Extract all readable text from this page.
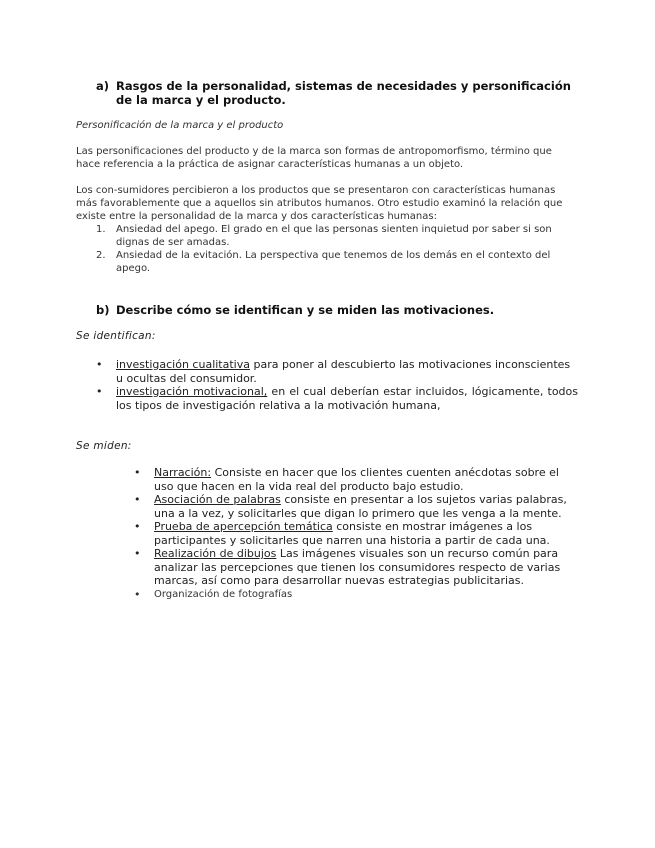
a) Rasgos de la personalidad, sistemas de necesidades y personificación de la marca y el producto.
Personificación de la marca y el producto
Las personificaciones del producto y de la marca son formas de antropomorfismo, término que hace referencia a la práctica de asignar características humanas a un objeto.
Los con-sumidores percibieron a los productos que se presentaron con características humanas más favorablemente que a aquellos sin atributos humanos. Otro estudio examinó la relación que existe entre la personalidad de la marca y dos características humanas:
1. Ansiedad del apego. El grado en el que las personas sienten inquietud por saber si son dignas de ser amadas.
2. Ansiedad de la evitación. La perspectiva que tenemos de los demás en el contexto del apego.
b) Describe cómo se identifican y se miden las motivaciones.
Se identifican:
• investigación cualitativa para poner al descubierto las motivaciones inconscientes u ocultas del consumidor.
• investigación motivacional, en el cual deberían estar incluidos, lógicamente, todos los tipos de investigación relativa a la motivación humana,
Se miden:
• Narración: Consiste en hacer que los clientes cuenten anécdotas sobre el uso que hacen en la vida real del producto bajo estudio.
• Asociación de palabras consiste en presentar a los sujetos varias palabras, una a la vez, y solicitarles que digan lo primero que les venga a la mente.
• Prueba de apercepción temática consiste en mostrar imágenes a los participantes y solicitarles que narren una historia a partir de cada una.
• Realización de dibujos Las imágenes visuales son un recurso común para analizar las percepciones que tienen los consumidores respecto de varias marcas, así como para desarrollar nuevas estrategias publicitarias.
• Organización de fotografías
